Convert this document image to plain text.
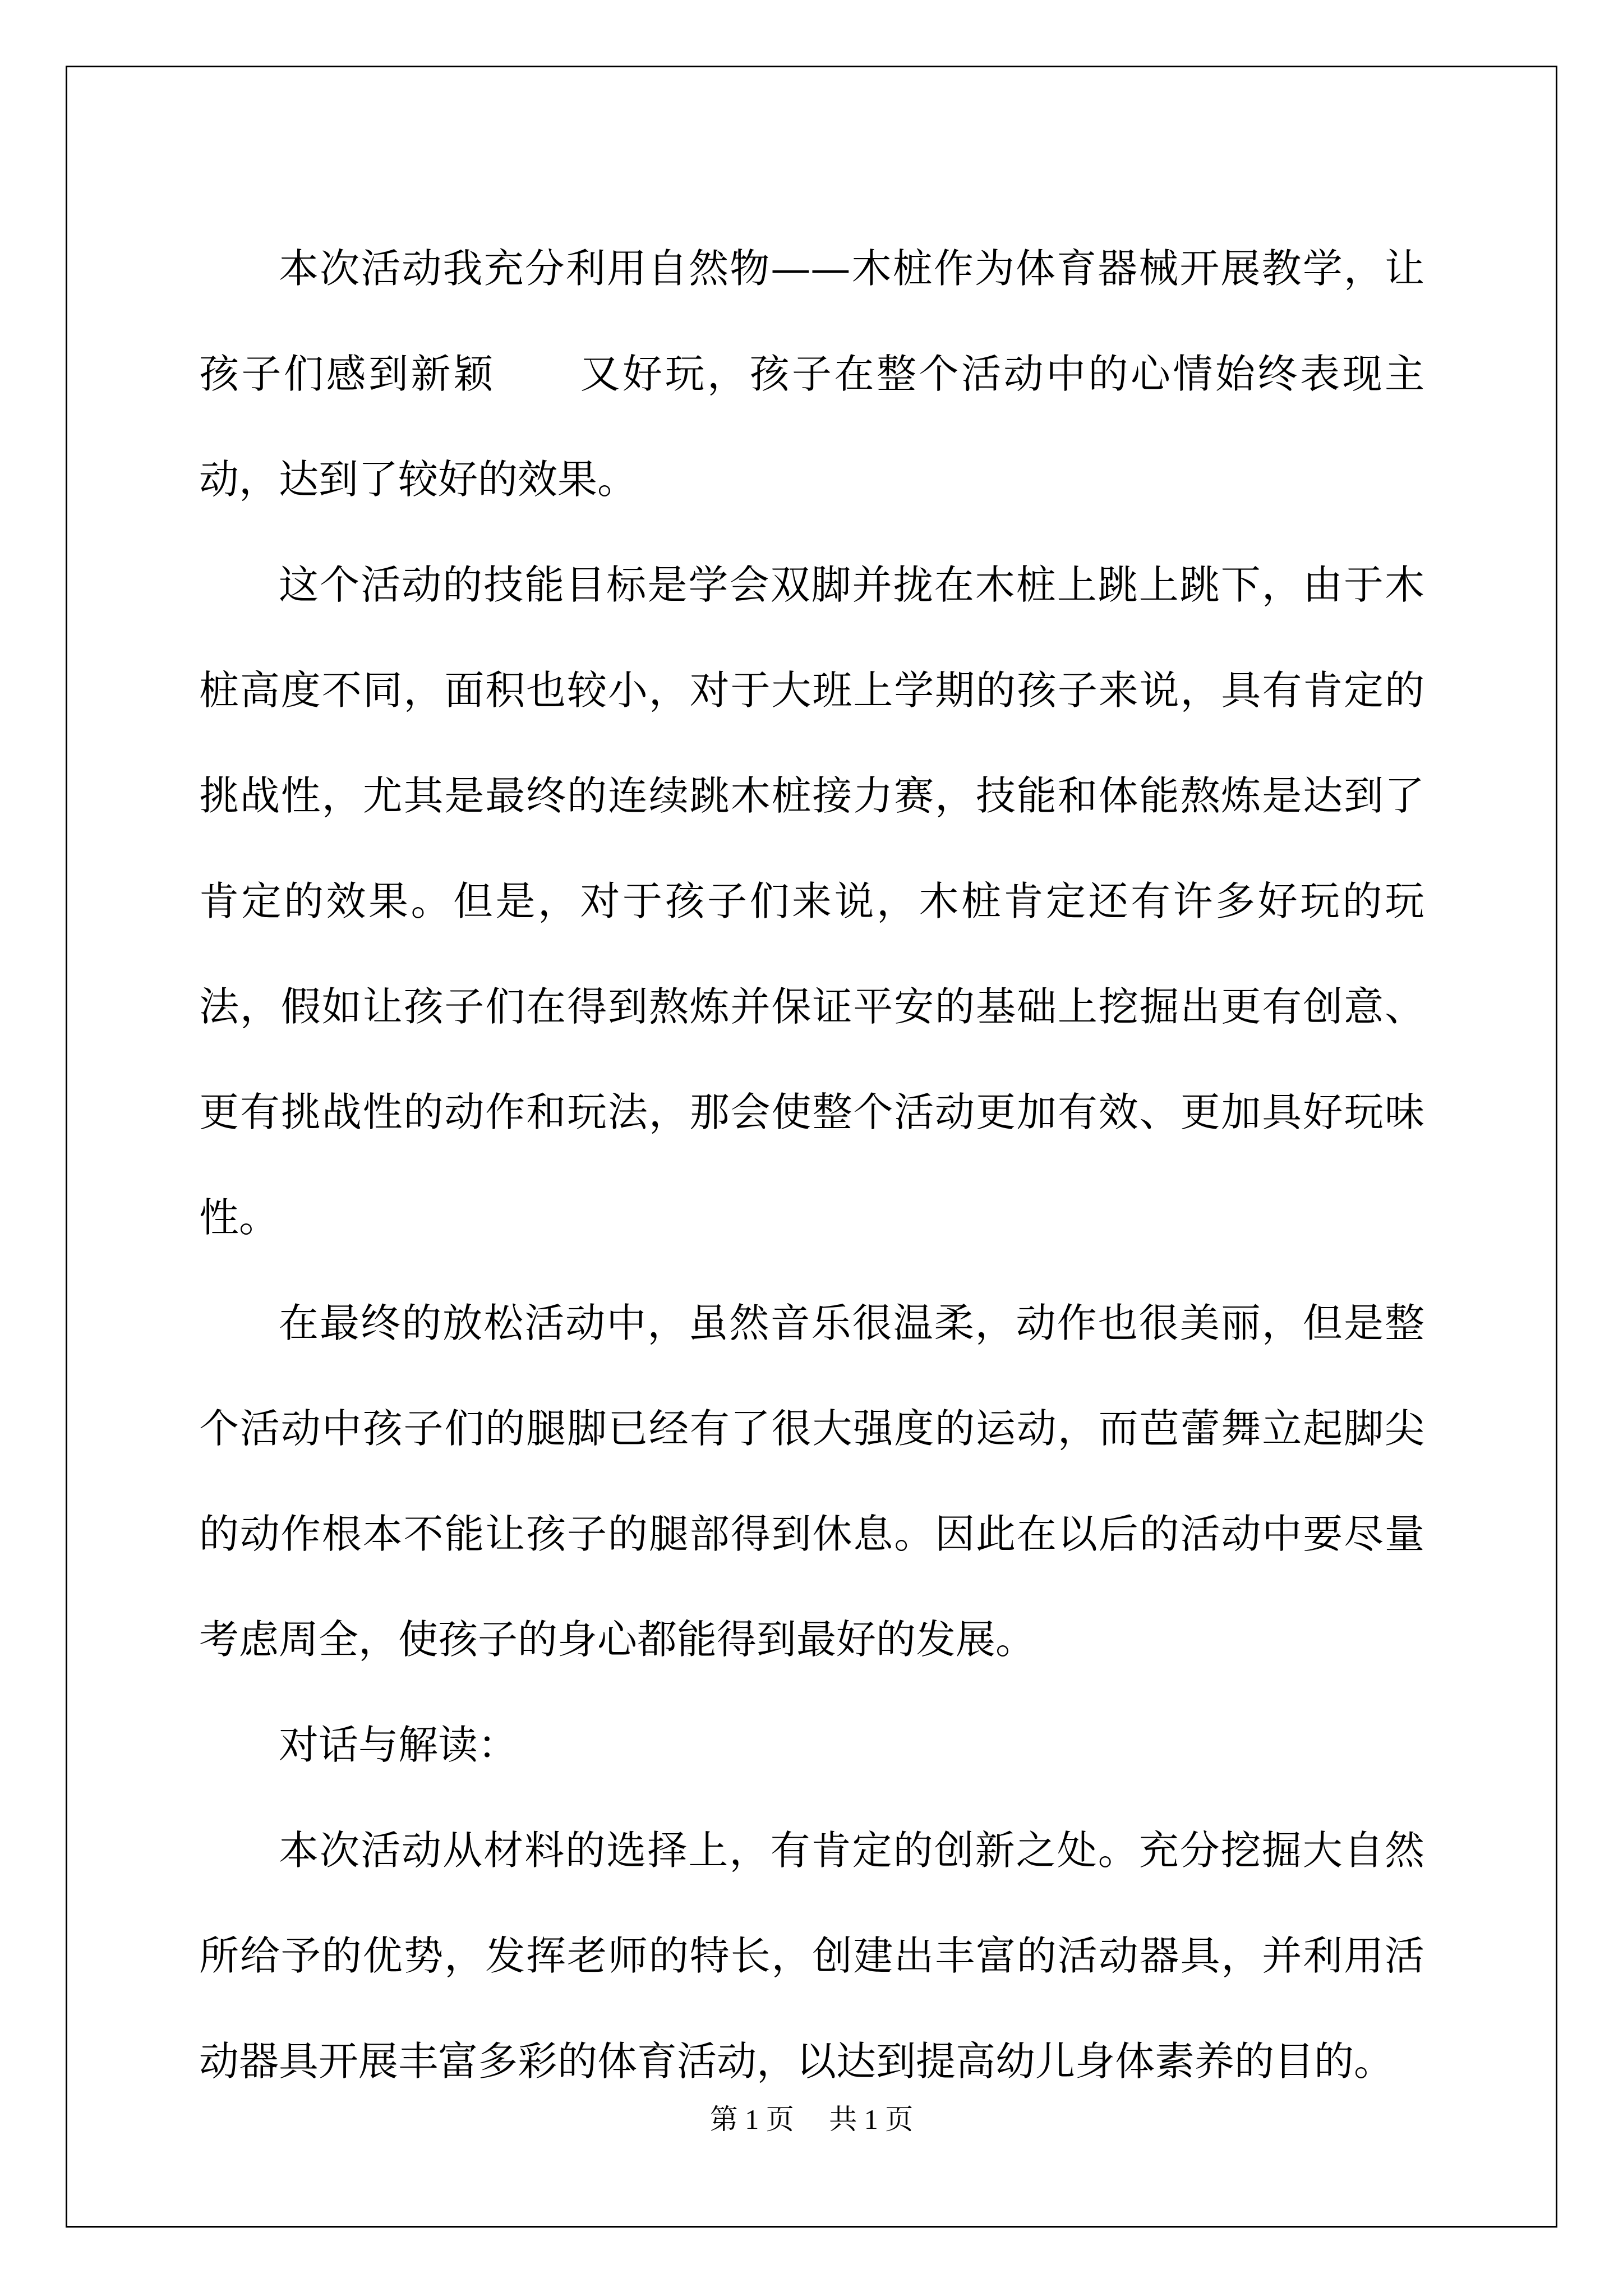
本次活动我充分利用自然物——木桩作为体育器械开展教学，让孩子们感到新颖　　又好玩，孩子在整个活动中的心情始终表现主动，达到了较好的效果。

这个活动的技能目标是学会双脚并拢在木桩上跳上跳下，由于木桩高度不同，面积也较小，对于大班上学期的孩子来说，具有肯定的挑战性，尤其是最终的连续跳木桩接力赛，技能和体能熬炼是达到了肯定的效果。但是，对于孩子们来说，木桩肯定还有许多好玩的玩法，假如让孩子们在得到熬炼并保证平安的基础上挖掘出更有创意、更有挑战性的动作和玩法，那会使整个活动更加有效、更加具好玩味性。

在最终的放松活动中，虽然音乐很温柔，动作也很美丽，但是整个活动中孩子们的腿脚已经有了很大强度的运动，而芭蕾舞立起脚尖的动作根本不能让孩子的腿部得到休息。因此在以后的活动中要尽量考虑周全，使孩子的身心都能得到最好的发展。

对话与解读：

本次活动从材料的选择上，有肯定的创新之处。充分挖掘大自然所给予的优势，发挥老师的特长，创建出丰富的活动器具，并利用活动器具开展丰富多彩的体育活动，以达到提高幼儿身体素养的目的。

第 1 页　 共 1 页
